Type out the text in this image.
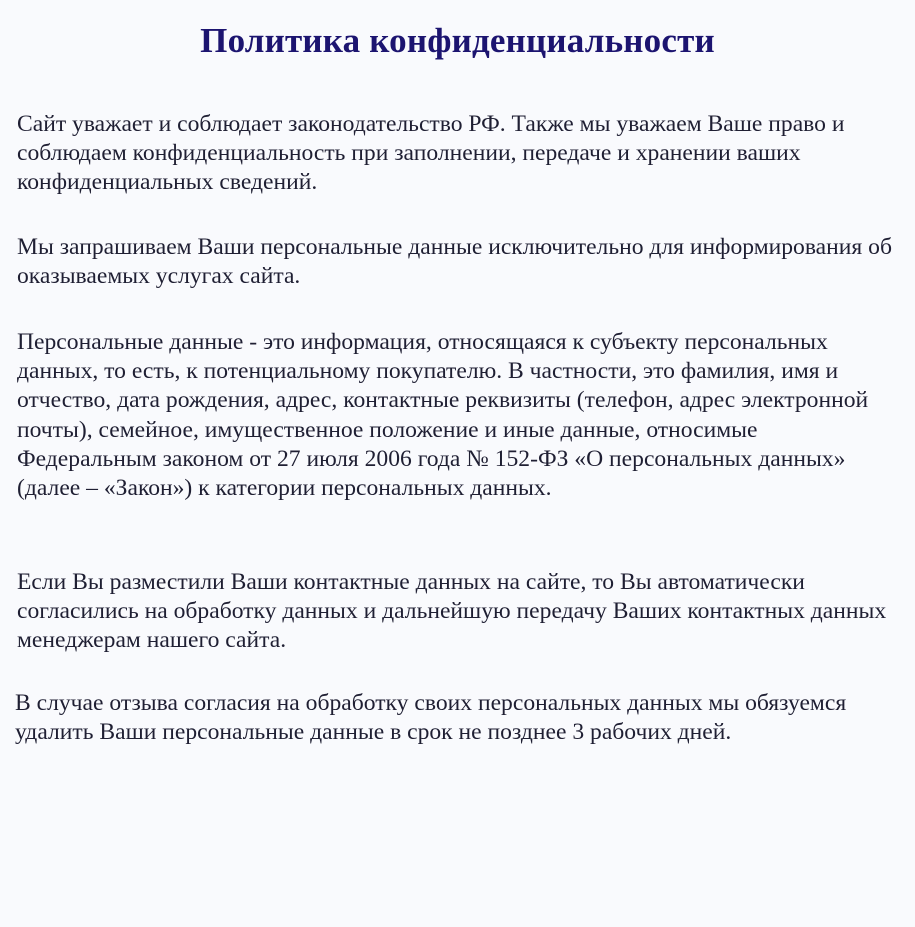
Политика конфиденциальности

Сайт уважает и соблюдает законодательство РФ. Также мы уважаем Ваше право и соблюдаем конфиденциальность при заполнении, передаче и хранении ваших конфиденциальных сведений.

Мы запрашиваем Ваши персональные данные исключительно для информирования об оказываемых услугах сайта.

Персональные данные - это информация, относящаяся к субъекту персональных данных, то есть, к потенциальному покупателю. В частности, это фамилия, имя и отчество, дата рождения, адрес, контактные реквизиты (телефон, адрес электронной почты), семейное, имущественное положение и иные данные, относимые Федеральным законом от 27 июля 2006 года № 152-ФЗ «О персональных данных» (далее – «Закон») к категории персональных данных.

Если Вы разместили Ваши контактные данных на сайте, то Вы автоматически согласились на обработку данных и дальнейшую передачу Ваших контактных данных менеджерам нашего сайта.

В случае отзыва согласия на обработку своих персональных данных мы обязуемся удалить Ваши персональные данные в срок не позднее 3 рабочих дней.
